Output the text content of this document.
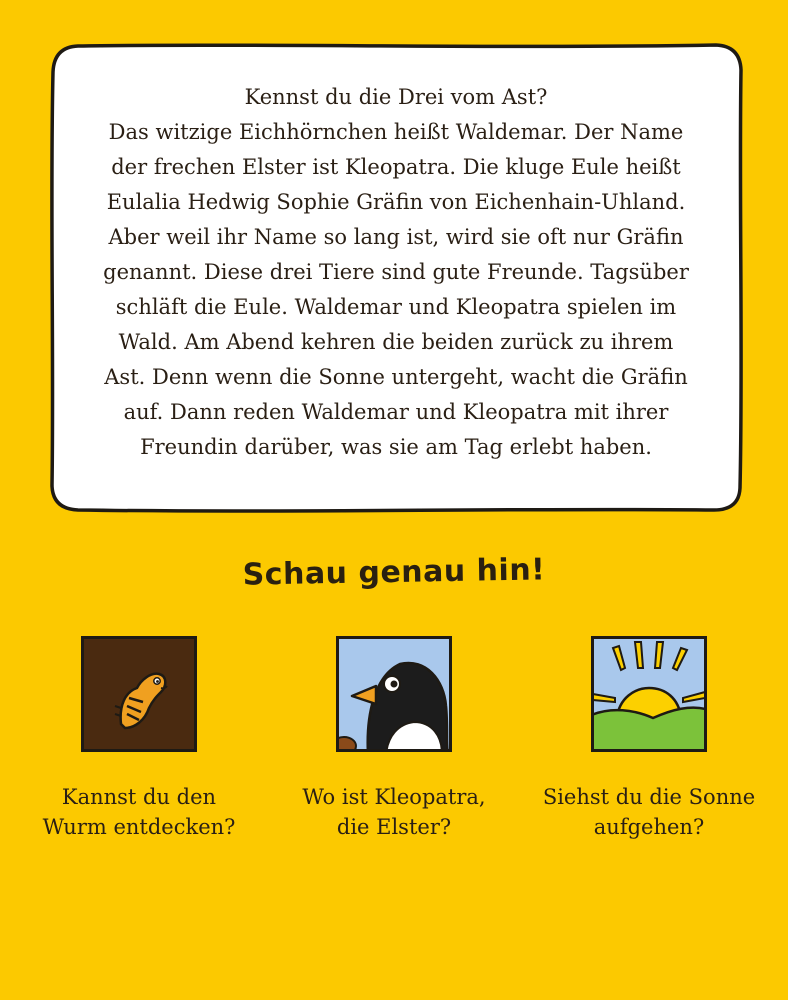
Kennst du die Drei vom Ast?
Das witzige Eichhörnchen heißt Waldemar. Der Name
der frechen Elster ist Kleopatra. Die kluge Eule heißt
Eulalia Hedwig Sophie Gräfin von Eichenhain-Uhland.
Aber weil ihr Name so lang ist, wird sie oft nur Gräfin
genannt. Diese drei Tiere sind gute Freunde. Tagsüber
schläft die Eule. Waldemar und Kleopatra spielen im
Wald. Am Abend kehren die beiden zurück zu ihrem
Ast. Denn wenn die Sonne untergeht, wacht die Gräfin
auf. Dann reden Waldemar und Kleopatra mit ihrer
Freundin darüber, was sie am Tag erlebt haben.

Schau genau hin!
Kannst du den
Wurm entdecken?
Wo ist Kleopatra,
die Elster?
Siehst du die Sonne
aufgehen?
